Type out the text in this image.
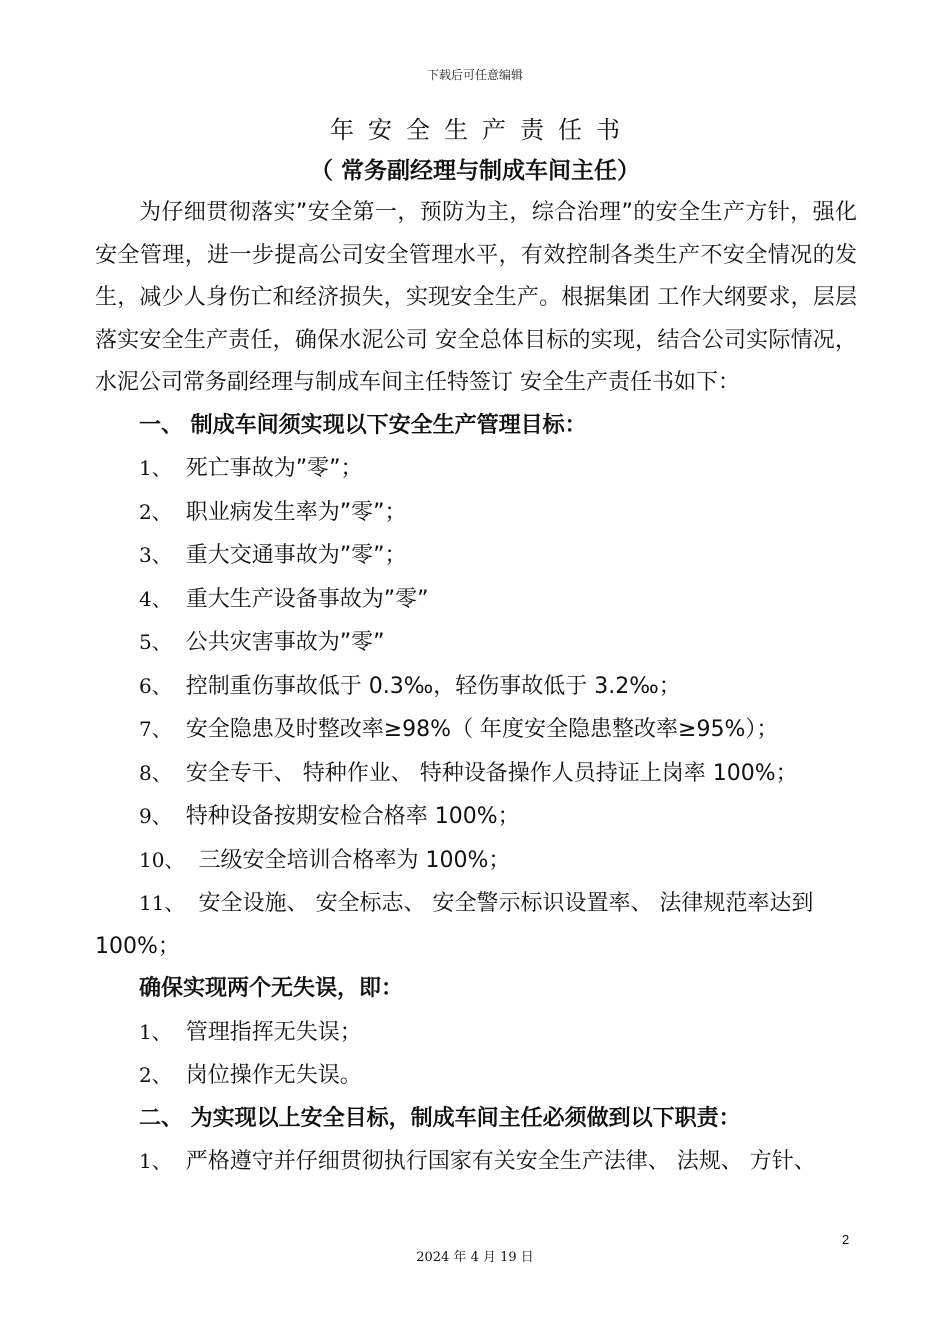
下载后可任意编辑
年安全生产责任书
（ 常务副经理与制成车间主任）

为仔细贯彻落实”安全第一，预防为主，综合治理”的安全生产方针，强化安全管理，进一步提高公司安全管理水平，有效控制各类生产不安全情况的发生，减少人身伤亡和经济损失，实现安全生产。根据集团 工作大纲要求，层层落实安全生产责任，确保水泥公司 安全总体目标的实现，结合公司实际情况，水泥公司常务副经理与制成车间主任特签订 安全生产责任书如下：

一、 制成车间须实现以下安全生产管理目标：

1、 死亡事故为”零”；

2、 职业病发生率为”零”；

3、 重大交通事故为”零”；

4、 重大生产设备事故为”零”

5、 公共灾害事故为”零”

6、 控制重伤事故低于 0.3‰，轻伤事故低于 3.2‰；

7、 安全隐患及时整改率≥98%（ 年度安全隐患整改率≥95%）；

8、 安全专干、 特种作业、 特种设备操作人员持证上岗率 100%；

9、 特种设备按期安检合格率 100%；

10、 三级安全培训合格率为 100%；

11、 安全设施、 安全标志、 安全警示标识设置率、 法律规范率达到 100%；

确保实现两个无失误，即：

1、 管理指挥无失误；

2、 岗位操作无失误。

二、 为实现以上安全目标，制成车间主任必须做到以下职责：

1、 严格遵守并仔细贯彻执行国家有关安全生产法律、 法规、 方针、

2
2024 年 4 月 19 日
